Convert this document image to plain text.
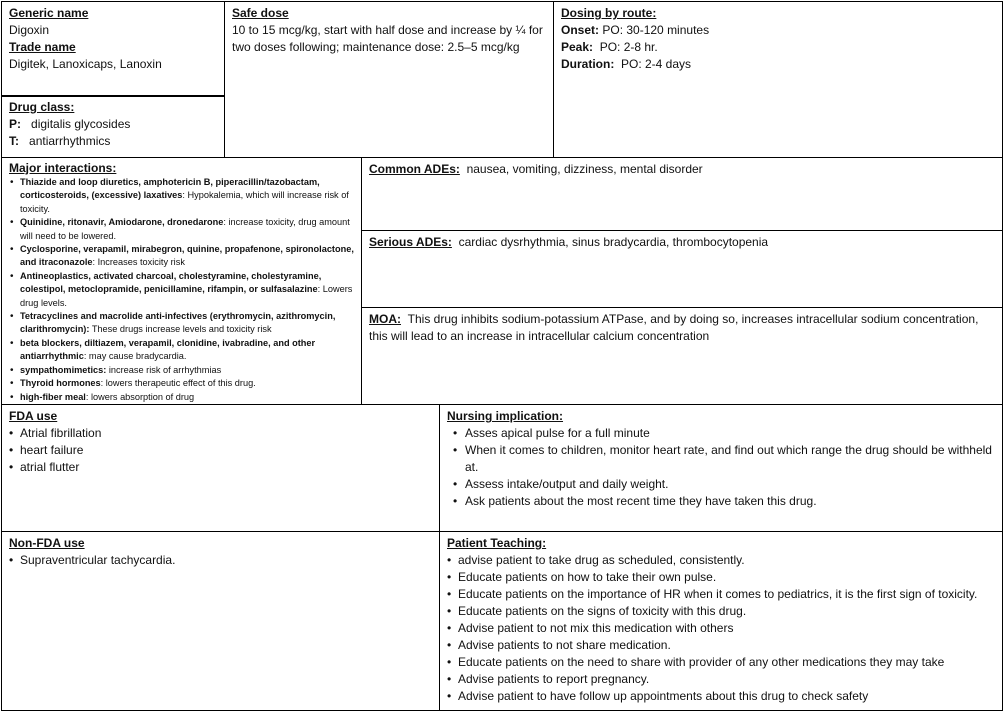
Generic name
Digoxin
Trade name
Digitek, Lanoxicaps, Lanoxin
Drug class:
P: digitalis glycosides
T: antiarrhythmics
Safe dose
10 to 15 mcg/kg, start with half dose and increase by ¼ for two doses following; maintenance dose: 2.5–5 mcg/kg
Dosing by route:
Onset: PO: 30-120 minutes
Peak: PO: 2-8 hr.
Duration: PO: 2-4 days
Major interactions:
• Thiazide and loop diuretics, amphotericin B, piperacillin/tazobactam, corticosteroids, (excessive) laxatives: Hypokalemia, which will increase risk of toxicity.
• Quinidine, ritonavir, Amiodarone, dronedarone: increase toxicity, drug amount will need to be lowered.
• Cyclosporine, verapamil, mirabegron, quinine, propafenone, spironolactone, and itraconazole: Increases toxicity risk
• Antineoplastics, activated charcoal, cholestyramine, cholestyramine, colestipol, metoclopramide, penicillamine, rifampin, or sulfasalazine: Lowers drug levels.
• Tetracyclines and macrolide anti-infectives (erythromycin, azithromycin, clarithromycin): These drugs increase levels and toxicity risk
• beta blockers, diltiazem, verapamil, clonidine, ivabradine, and other antiarrhythmic: may cause bradycardia.
• sympathomimetics: increase risk of arrhythmias
• Thyroid hormones: lowers therapeutic effect of this drug.
• high-fiber meal: lowers absorption of drug
Common ADEs: nausea, vomiting, dizziness, mental disorder
Serious ADEs: cardiac dysrhythmia, sinus bradycardia, thrombocytopenia
MOA: This drug inhibits sodium-potassium ATPase, and by doing so, increases intracellular sodium concentration, this will lead to an increase in intracellular calcium concentration
FDA use
• Atrial fibrillation
• heart failure
• atrial flutter
Nursing implication:
• Asses apical pulse for a full minute
• When it comes to children, monitor heart rate, and find out which range the drug should be withheld at.
• Assess intake/output and daily weight.
• Ask patients about the most recent time they have taken this drug.
Non-FDA use
• Supraventricular tachycardia.
Patient Teaching:
• advise patient to take drug as scheduled, consistently.
• Educate patients on how to take their own pulse.
• Educate patients on the importance of HR when it comes to pediatrics, it is the first sign of toxicity.
• Educate patients on the signs of toxicity with this drug.
• Advise patient to not mix this medication with others
• Advise patients to not share medication.
• Educate patients on the need to share with provider of any other medications they may take
• Advise patients to report pregnancy.
• Advise patient to have follow up appointments about this drug to check safety
